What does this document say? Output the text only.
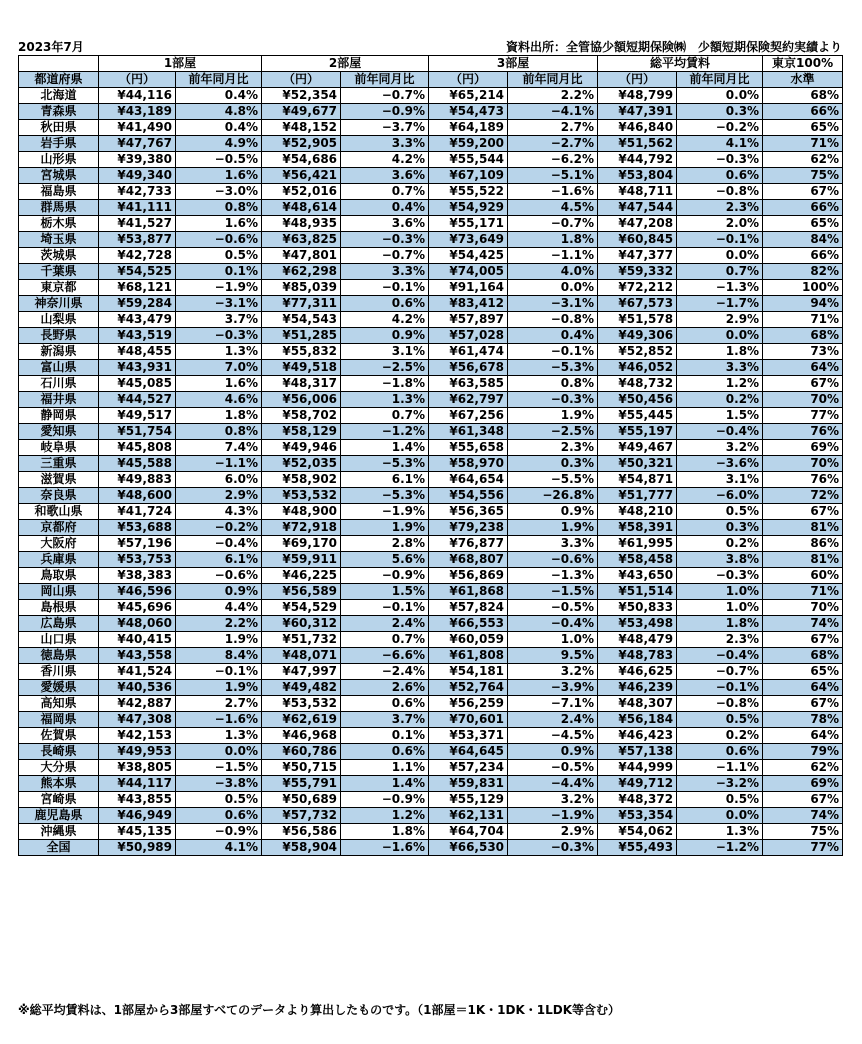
2023年7月	資料出所：全管協少額短期保険㈱　少額短期保険契約実績より
	1部屋		2部屋		3部屋		総平均賃料		東京100%
都道府県	（円）	前年同月比	（円）	前年同月比	（円）	前年同月比	（円）	前年同月比	水準
北海道	¥44,116	0.4%	¥52,354	−0.7%	¥65,214	2.2%	¥48,799	0.0%	68%
青森県	¥43,189	4.8%	¥49,677	−0.9%	¥54,473	−4.1%	¥47,391	0.3%	66%
秋田県	¥41,490	0.4%	¥48,152	−3.7%	¥64,189	2.7%	¥46,840	−0.2%	65%
岩手県	¥47,767	4.9%	¥52,905	3.3%	¥59,200	−2.7%	¥51,562	4.1%	71%
山形県	¥39,380	−0.5%	¥54,686	4.2%	¥55,544	−6.2%	¥44,792	−0.3%	62%
宮城県	¥49,340	1.6%	¥56,421	3.6%	¥67,109	−5.1%	¥53,804	0.6%	75%
福島県	¥42,733	−3.0%	¥52,016	0.7%	¥55,522	−1.6%	¥48,711	−0.8%	67%
群馬県	¥41,111	0.8%	¥48,614	0.4%	¥54,929	4.5%	¥47,544	2.3%	66%
栃木県	¥41,527	1.6%	¥48,935	3.6%	¥55,171	−0.7%	¥47,208	2.0%	65%
埼玉県	¥53,877	−0.6%	¥63,825	−0.3%	¥73,649	1.8%	¥60,845	−0.1%	84%
茨城県	¥42,728	0.5%	¥47,801	−0.7%	¥54,425	−1.1%	¥47,377	0.0%	66%
千葉県	¥54,525	0.1%	¥62,298	3.3%	¥74,005	4.0%	¥59,332	0.7%	82%
東京都	¥68,121	−1.9%	¥85,039	−0.1%	¥91,164	0.0%	¥72,212	−1.3%	100%
神奈川県	¥59,284	−3.1%	¥77,311	0.6%	¥83,412	−3.1%	¥67,573	−1.7%	94%
山梨県	¥43,479	3.7%	¥54,543	4.2%	¥57,897	−0.8%	¥51,578	2.9%	71%
長野県	¥43,519	−0.3%	¥51,285	0.9%	¥57,028	0.4%	¥49,306	0.0%	68%
新潟県	¥48,455	1.3%	¥55,832	3.1%	¥61,474	−0.1%	¥52,852	1.8%	73%
富山県	¥43,931	7.0%	¥49,518	−2.5%	¥56,678	−5.3%	¥46,052	3.3%	64%
石川県	¥45,085	1.6%	¥48,317	−1.8%	¥63,585	0.8%	¥48,732	1.2%	67%
福井県	¥44,527	4.6%	¥56,006	1.3%	¥62,797	−0.3%	¥50,456	0.2%	70%
静岡県	¥49,517	1.8%	¥58,702	0.7%	¥67,256	1.9%	¥55,445	1.5%	77%
愛知県	¥51,754	0.8%	¥58,129	−1.2%	¥61,348	−2.5%	¥55,197	−0.4%	76%
岐阜県	¥45,808	7.4%	¥49,946	1.4%	¥55,658	2.3%	¥49,467	3.2%	69%
三重県	¥45,588	−1.1%	¥52,035	−5.3%	¥58,970	0.3%	¥50,321	−3.6%	70%
滋賀県	¥49,883	6.0%	¥58,902	6.1%	¥64,654	−5.5%	¥54,871	3.1%	76%
奈良県	¥48,600	2.9%	¥53,532	−5.3%	¥54,556	−26.8%	¥51,777	−6.0%	72%
和歌山県	¥41,724	4.3%	¥48,900	−1.9%	¥56,365	0.9%	¥48,210	0.5%	67%
京都府	¥53,688	−0.2%	¥72,918	1.9%	¥79,238	1.9%	¥58,391	0.3%	81%
大阪府	¥57,196	−0.4%	¥69,170	2.8%	¥76,877	3.3%	¥61,995	0.2%	86%
兵庫県	¥53,753	6.1%	¥59,911	5.6%	¥68,807	−0.6%	¥58,458	3.8%	81%
鳥取県	¥38,383	−0.6%	¥46,225	−0.9%	¥56,869	−1.3%	¥43,650	−0.3%	60%
岡山県	¥46,596	0.9%	¥56,589	1.5%	¥61,868	−1.5%	¥51,514	1.0%	71%
島根県	¥45,696	4.4%	¥54,529	−0.1%	¥57,824	−0.5%	¥50,833	1.0%	70%
広島県	¥48,060	2.2%	¥60,312	2.4%	¥66,553	−0.4%	¥53,498	1.8%	74%
山口県	¥40,415	1.9%	¥51,732	0.7%	¥60,059	1.0%	¥48,479	2.3%	67%
徳島県	¥43,558	8.4%	¥48,071	−6.6%	¥61,808	9.5%	¥48,783	−0.4%	68%
香川県	¥41,524	−0.1%	¥47,997	−2.4%	¥54,181	3.2%	¥46,625	−0.7%	65%
愛媛県	¥40,536	1.9%	¥49,482	2.6%	¥52,764	−3.9%	¥46,239	−0.1%	64%
高知県	¥42,887	2.7%	¥53,532	0.6%	¥56,259	−7.1%	¥48,307	−0.8%	67%
福岡県	¥47,308	−1.6%	¥62,619	3.7%	¥70,601	2.4%	¥56,184	0.5%	78%
佐賀県	¥42,153	1.3%	¥46,968	0.1%	¥53,371	−4.5%	¥46,423	0.2%	64%
長崎県	¥49,953	0.0%	¥60,786	0.6%	¥64,645	0.9%	¥57,138	0.6%	79%
大分県	¥38,805	−1.5%	¥50,715	1.1%	¥57,234	−0.5%	¥44,999	−1.1%	62%
熊本県	¥44,117	−3.8%	¥55,791	1.4%	¥59,831	−4.4%	¥49,712	−3.2%	69%
宮崎県	¥43,855	0.5%	¥50,689	−0.9%	¥55,129	3.2%	¥48,372	0.5%	67%
鹿児島県	¥46,949	0.6%	¥57,732	1.2%	¥62,131	−1.9%	¥53,354	0.0%	74%
沖縄県	¥45,135	−0.9%	¥56,586	1.8%	¥64,704	2.9%	¥54,062	1.3%	75%
全国	¥50,989	4.1%	¥58,904	−1.6%	¥66,530	−0.3%	¥55,493	−1.2%	77%
※総平均賃料は、1部屋から3部屋すべてのデータより算出したものです。（1部屋＝1K・1DK・1LDK等含む）
